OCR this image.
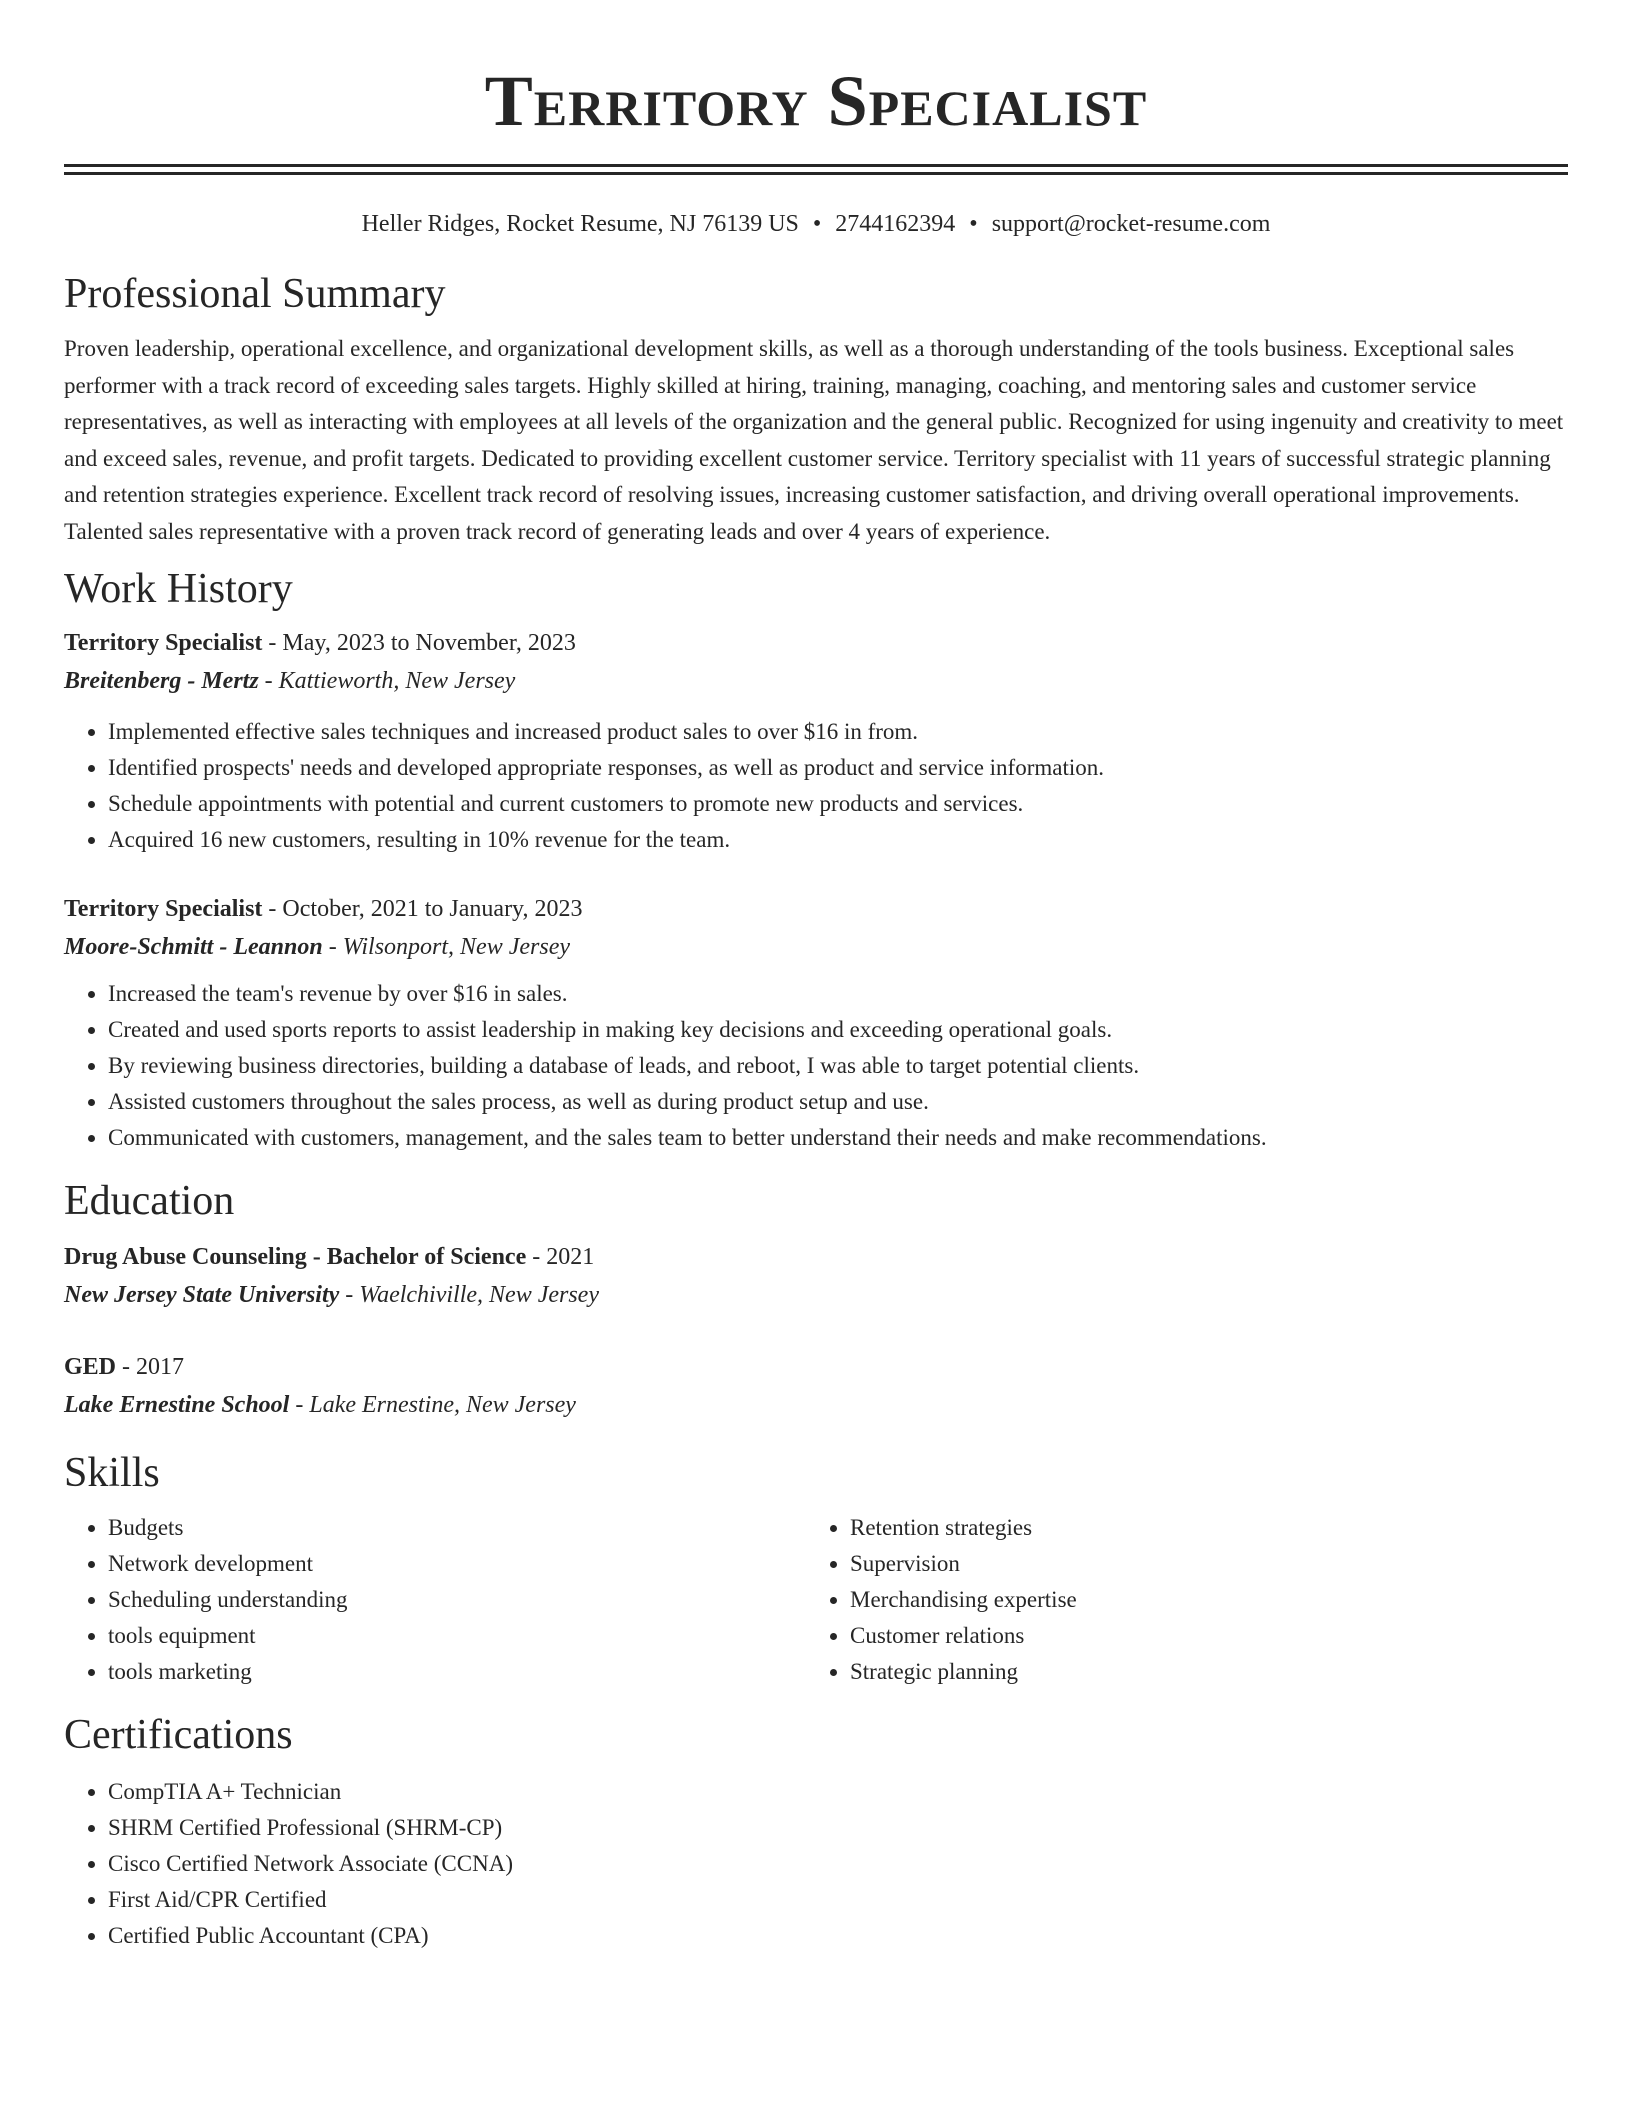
Territory Specialist
Heller Ridges, Rocket Resume, NJ 76139 US • 2744162394 • support@rocket-resume.com
Professional Summary

Proven leadership, operational excellence, and organizational development skills, as well as a thorough understanding of the tools business. Exceptional sales performer with a track record of exceeding sales targets. Highly skilled at hiring, training, managing, coaching, and mentoring sales and customer service representatives, as well as interacting with employees at all levels of the organization and the general public. Recognized for using ingenuity and creativity to meet and exceed sales, revenue, and profit targets. Dedicated to providing excellent customer service. Territory specialist with 11 years of successful strategic planning and retention strategies experience. Excellent track record of resolving issues, increasing customer satisfaction, and driving overall operational improvements. Talented sales representative with a proven track record of generating leads and over 4 years of experience.

Work History
Territory Specialist - May, 2023 to November, 2023
Breitenberg - Mertz - Kattieworth, New Jersey
• Implemented effective sales techniques and increased product sales to over $16 in from.
• Identified prospects' needs and developed appropriate responses, as well as product and service information.
• Schedule appointments with potential and current customers to promote new products and services.
• Acquired 16 new customers, resulting in 10% revenue for the team.
Territory Specialist - October, 2021 to January, 2023
Moore-Schmitt - Leannon - Wilsonport, New Jersey
• Increased the team's revenue by over $16 in sales.
• Created and used sports reports to assist leadership in making key decisions and exceeding operational goals.
• By reviewing business directories, building a database of leads, and reboot, I was able to target potential clients.
• Assisted customers throughout the sales process, as well as during product setup and use.
• Communicated with customers, management, and the sales team to better understand their needs and make recommendations.
Education
Drug Abuse Counseling - Bachelor of Science - 2021
New Jersey State University - Waelchiville, New Jersey
GED - 2017
Lake Ernestine School - Lake Ernestine, New Jersey
Skills
• Budgets
• Network development
• Scheduling understanding
• tools equipment
• tools marketing
• Retention strategies
• Supervision
• Merchandising expertise
• Customer relations
• Strategic planning
Certifications
• CompTIA A+ Technician
• SHRM Certified Professional (SHRM-CP)
• Cisco Certified Network Associate (CCNA)
• First Aid/CPR Certified
• Certified Public Accountant (CPA)
